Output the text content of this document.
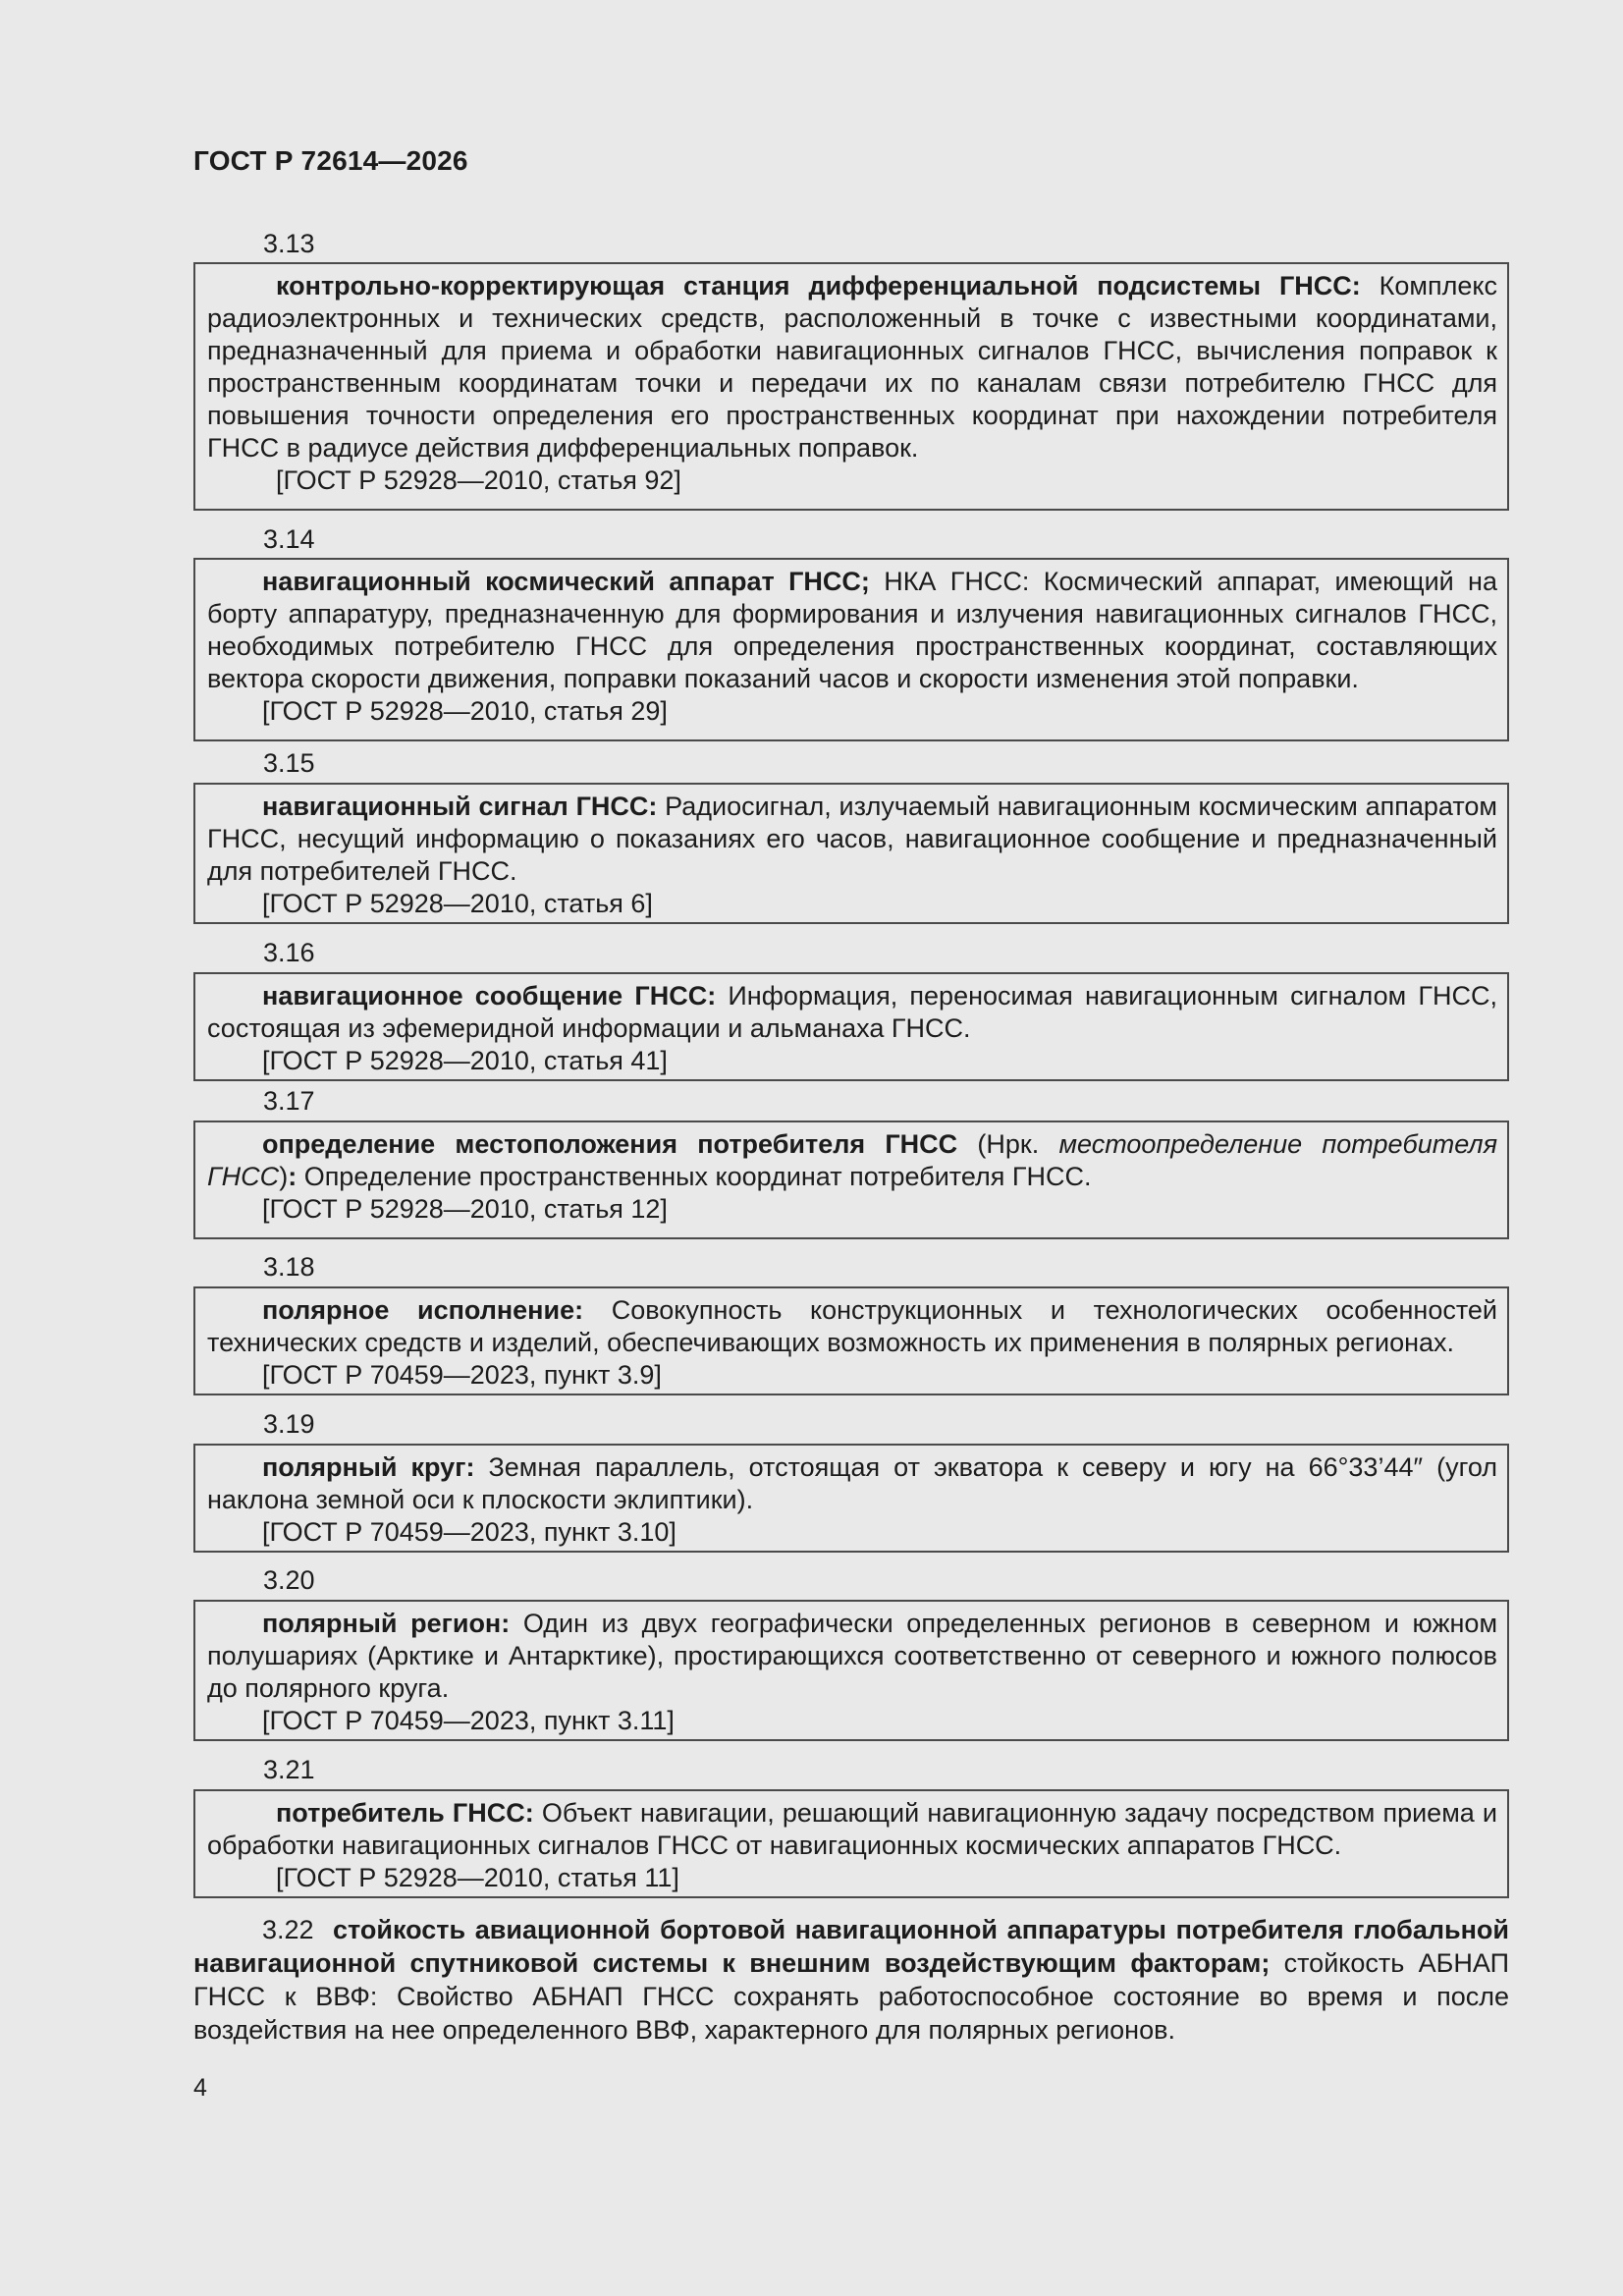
ГОСТ Р 72614—2026
3.13

контрольно-корректирующая станция дифференциальной подсистемы ГНСС: Комплекс радиоэлектронных и технических средств, расположенный в точке с известными координатами, предназначенный для приема и обработки навигационных сигналов ГНСС, вычисления поправок к пространственным координатам точки и передачи их по каналам связи потребителю ГНСС для повышения точности определения его пространственных координат при нахождении потребителя ГНСС в радиусе действия дифференциальных поправок.

[ГОСТ Р 52928—2010, статья 92]

3.14

навигационный космический аппарат ГНСС; НКА ГНСС: Космический аппарат, имеющий на борту аппаратуру, предназначенную для формирования и излучения навигационных сигналов ГНСС, необходимых потребителю ГНСС для определения пространственных координат, составляющих вектора скорости движения, поправки показаний часов и скорости изменения этой поправки.

[ГОСТ Р 52928—2010, статья 29]

3.15

навигационный сигнал ГНСС: Радиосигнал, излучаемый навигационным космическим аппаратом ГНСС, несущий информацию о показаниях его часов, навигационное сообщение и предназначенный для потребителей ГНСС.

[ГОСТ Р 52928—2010, статья 6]

3.16

навигационное сообщение ГНСС: Информация, переносимая навигационным сигналом ГНСС, состоящая из эфемеридной информации и альманаха ГНСС.

[ГОСТ Р 52928—2010, статья 41]

3.17

определение местоположения потребителя ГНСС (Нрк. местоопределение потребителя ГНСС): Определение пространственных координат потребителя ГНСС.

[ГОСТ Р 52928—2010, статья 12]

3.18

полярное исполнение: Совокупность конструкционных и технологических особенностей технических средств и изделий, обеспечивающих возможность их применения в полярных регионах.

[ГОСТ Р 70459—2023, пункт 3.9]

3.19

полярный круг: Земная параллель, отстоящая от экватора к северу и югу на 66°33’44″ (угол наклона земной оси к плоскости эклиптики).

[ГОСТ Р 70459—2023, пункт 3.10]

3.20

полярный регион: Один из двух географически определенных регионов в северном и южном полушариях (Арктике и Антарктике), простирающихся соответственно от северного и южного полюсов до полярного круга.

[ГОСТ Р 70459—2023, пункт 3.11]

3.21

потребитель ГНСС: Объект навигации, решающий навигационную задачу посредством приема и обработки навигационных сигналов ГНСС от навигационных космических аппаратов ГНСС.

[ГОСТ Р 52928—2010, статья 11]

3.22 стойкость авиационной бортовой навигационной аппаратуры потребителя глобальной навигационной спутниковой системы к внешним воздействующим факторам; стойкость АБНАП ГНСС к ВВФ: Свойство АБНАП ГНСС сохранять работоспособное состояние во время и после воздействия на нее определенного ВВФ, характерного для полярных регионов.
4
